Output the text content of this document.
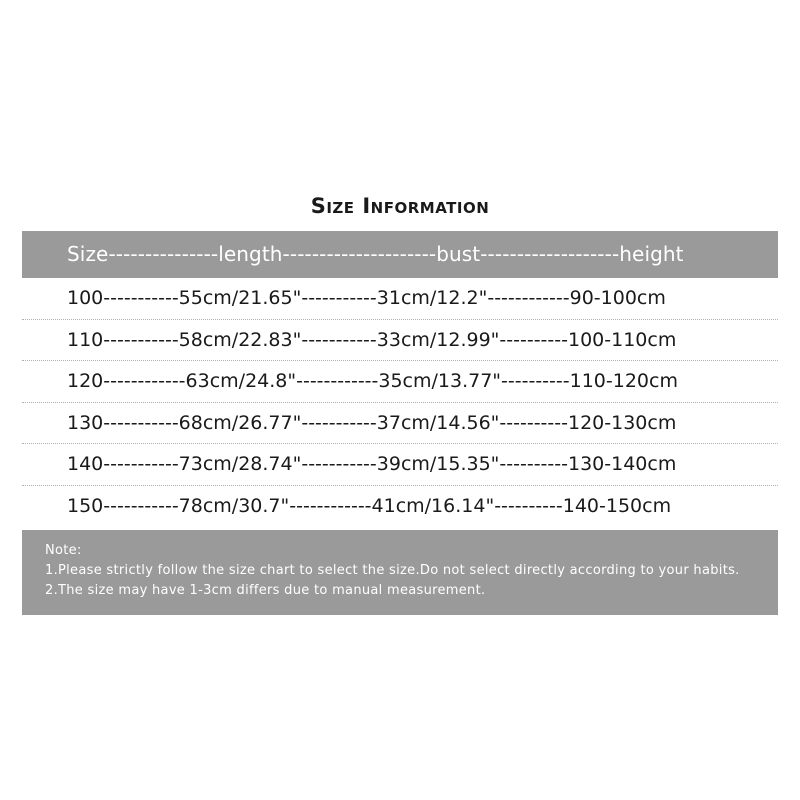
Size Information
Size---------------length---------------------bust-------------------height
100-----------55cm/21.65"-----------31cm/12.2"------------90-100cm
110-----------58cm/22.83"-----------33cm/12.99"----------100-110cm
120------------63cm/24.8"------------35cm/13.77"----------110-120cm
130-----------68cm/26.77"-----------37cm/14.56"----------120-130cm
140-----------73cm/28.74"-----------39cm/15.35"----------130-140cm
150-----------78cm/30.7"------------41cm/16.14"----------140-150cm
Note:
1.Please strictly follow the size chart to select the size.Do not select directly according to your habits.
2.The size may have 1-3cm differs due to manual measurement.
